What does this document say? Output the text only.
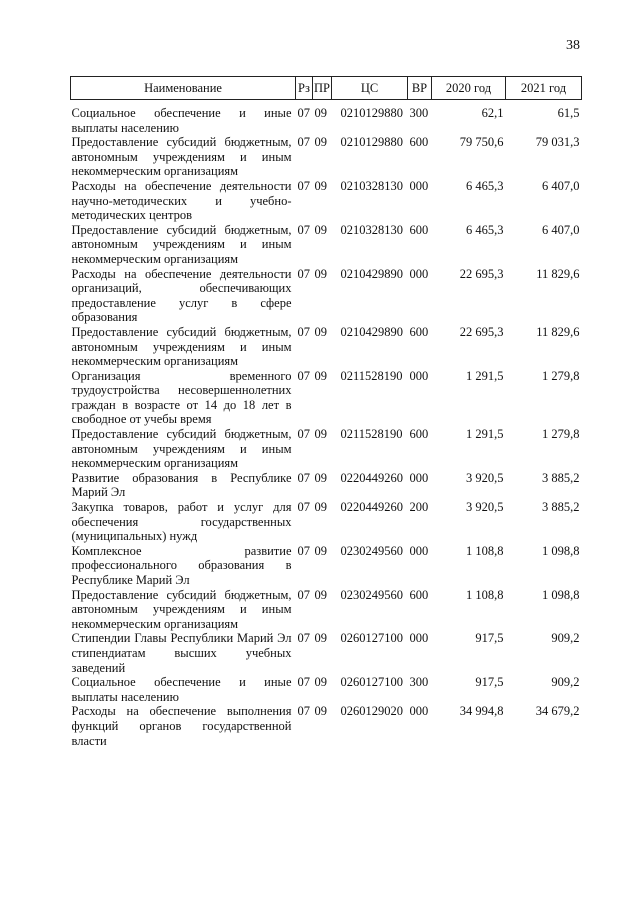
38
Наименование	Рз	ПР	ЦС	ВР	2020 год	2021 год
Социальное обеспечение и иные выплаты населению	07	09	0210129880	300	62,1	61,5
Предоставление субсидий бюджетным, автономным учреждениям и иным некоммерческим организациям	07	09	0210129880	600	79 750,6	79 031,3
Расходы на обеспечение деятельности научно-методических и учебно-методических центров	07	09	0210328130	000	6 465,3	6 407,0
Предоставление субсидий бюджетным, автономным учреждениям и иным некоммерческим организациям	07	09	0210328130	600	6 465,3	6 407,0
Расходы на обеспечение деятельности организаций, обеспечивающих предоставление услуг в сфере образования	07	09	0210429890	000	22 695,3	11 829,6
Предоставление субсидий бюджетным, автономным учреждениям и иным некоммерческим организациям	07	09	0210429890	600	22 695,3	11 829,6
Организация временного трудоустройства несовершеннолетних граждан в возрасте от 14 до 18 лет в свободное от учебы время	07	09	0211528190	000	1 291,5	1 279,8
Предоставление субсидий бюджетным, автономным учреждениям и иным некоммерческим организациям	07	09	0211528190	600	1 291,5	1 279,8
Развитие образования в Республике Марий Эл	07	09	0220449260	000	3 920,5	3 885,2
Закупка товаров, работ и услуг для обеспечения государственных (муниципальных) нужд	07	09	0220449260	200	3 920,5	3 885,2
Комплексное развитие профессионального образования в Республике Марий Эл	07	09	0230249560	000	1 108,8	1 098,8
Предоставление субсидий бюджетным, автономным учреждениям и иным некоммерческим организациям	07	09	0230249560	600	1 108,8	1 098,8
Стипендии Главы Республики Марий Эл стипендиатам высших учебных заведений	07	09	0260127100	000	917,5	909,2
Социальное обеспечение и иные выплаты населению	07	09	0260127100	300	917,5	909,2
Расходы на обеспечение выполнения функций органов государственной власти	07	09	0260129020	000	34 994,8	34 679,2
